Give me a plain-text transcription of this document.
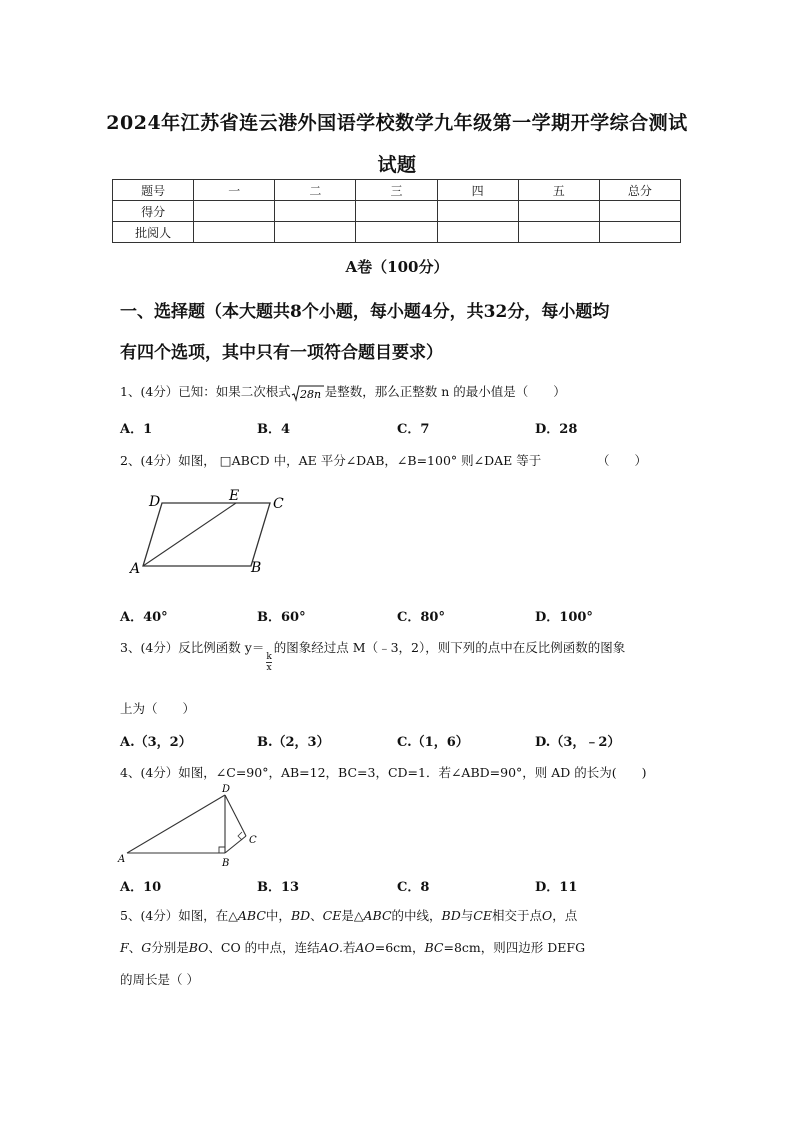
2024年江苏省连云港外国语学校数学九年级第一学期开学综合测试
试题
题号	一	二	三	四	五	总分
得分						
批阅人						
A卷（100分）
一、选择题（本大题共8个小题，每小题4分，共32分，每小题均
有四个选项，其中只有一项符合题目要求）
1、(4分）已知：如果二次根式 28n 是整数，那么正整数 n 的最小值是（　　）
A．1	B．4	C．7	D．28
2、(4分）如图， □ABCD 中，AE 平分∠DAB，∠B=100° 则∠DAE 等于	（　　）
A	B
C
D	E
A．40°	B．60°	C．80°	D．100°
3、(4分）反比例函数 y＝
$\frac{k}{x}$
的图象经过点 M（﹣3，2），则下列的点中在反比例函数的图象
上为（　　）
A.（3，2）	B.（2，3）	C.（1，6）	D.（3，﹣2）
4、(4分）如图，∠C=90°，AB=12，BC=3，CD=1．若∠ABD=90°，则 AD 的长为(　　)
A	B
C
D
A．10	B．13	C．8	D．11
5、(4分）如图，在△ABC中，BD、CE是△ABC的中线，BD与CE相交于点O，点
F、G分别是BO、CO 的中点，连结AO.若AO=6cm，BC=8cm，则四边形 DEFG
的周长是（ ）
